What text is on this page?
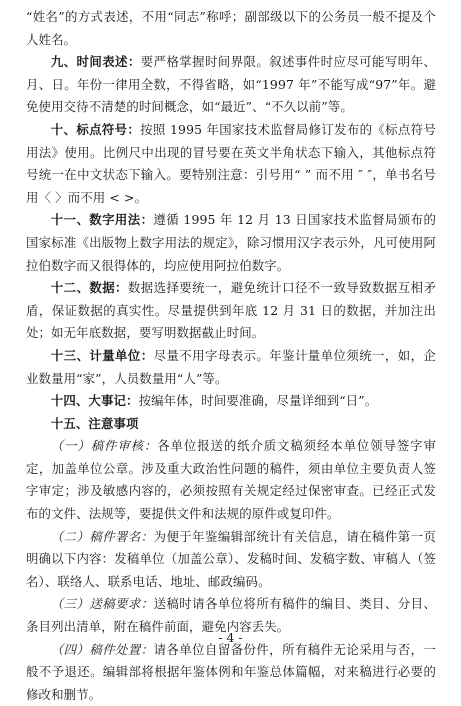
“姓名”的方式表述，不用“同志”称呼；副部级以下的公务员一般不提及个人姓名。

九、时间表述：要严格掌握时间界限。叙述事件时应尽可能写明年、月、日。年份一律用全数，不得省略，如“1997 年”不能写成“97”年。避免使用交待不清楚的时间概念，如“最近”、“不久以前”等。

十、标点符号：按照 1995 年国家技术监督局修订发布的《标点符号用法》使用。比例尺中出现的冒号要在英文半角状态下输入，其他标点符号统一在中文状态下输入。要特别注意：引号用“ ” 而不用 ″ ″，单书名号用〈 〉而不用 < >。

十一、数字用法：遵循 1995 年 12 月 13 日国家技术监督局颁布的国家标准《出版物上数字用法的规定》，除习惯用汉字表示外，凡可使用阿拉伯数字而又很得体的，均应使用阿拉伯数字。

十二、数据：数据选择要统一，避免统计口径不一致导致数据互相矛盾，保证数据的真实性。尽量提供到年底 12 月 31 日的数据，并加注出处；如无年底数据，要写明数据截止时间。

十三、计量单位：尽量不用字母表示。年鉴计量单位须统一，如，企业数量用“家”，人员数量用“人”等。

十四、大事记：按编年体，时间要准确，尽量详细到“日”。

十五、注意事项

（一）稿件审核：各单位报送的纸介质文稿须经本单位领导签字审定，加盖单位公章。涉及重大政治性问题的稿件，须由单位主要负责人签字审定；涉及敏感内容的，必须按照有关规定经过保密审查。已经正式发布的文件、法规等，要提供文件和法规的原件或复印件。

（二）稿件署名：为便于年鉴编辑部统计有关信息，请在稿件第一页明确以下内容：发稿单位（加盖公章）、发稿时间、发稿字数、审稿人（签名）、联络人、联系电话、地址、邮政编码。

（三）送稿要求：送稿时请各单位将所有稿件的编目、类目、分目、条目列出清单，附在稿件前面，避免内容丢失。

（四）稿件处置：请各单位自留备份件，所有稿件无论采用与否，一般不予退还。编辑部将根据年鉴体例和年鉴总体篇幅，对来稿进行必要的修改和删节。

- 4 -
